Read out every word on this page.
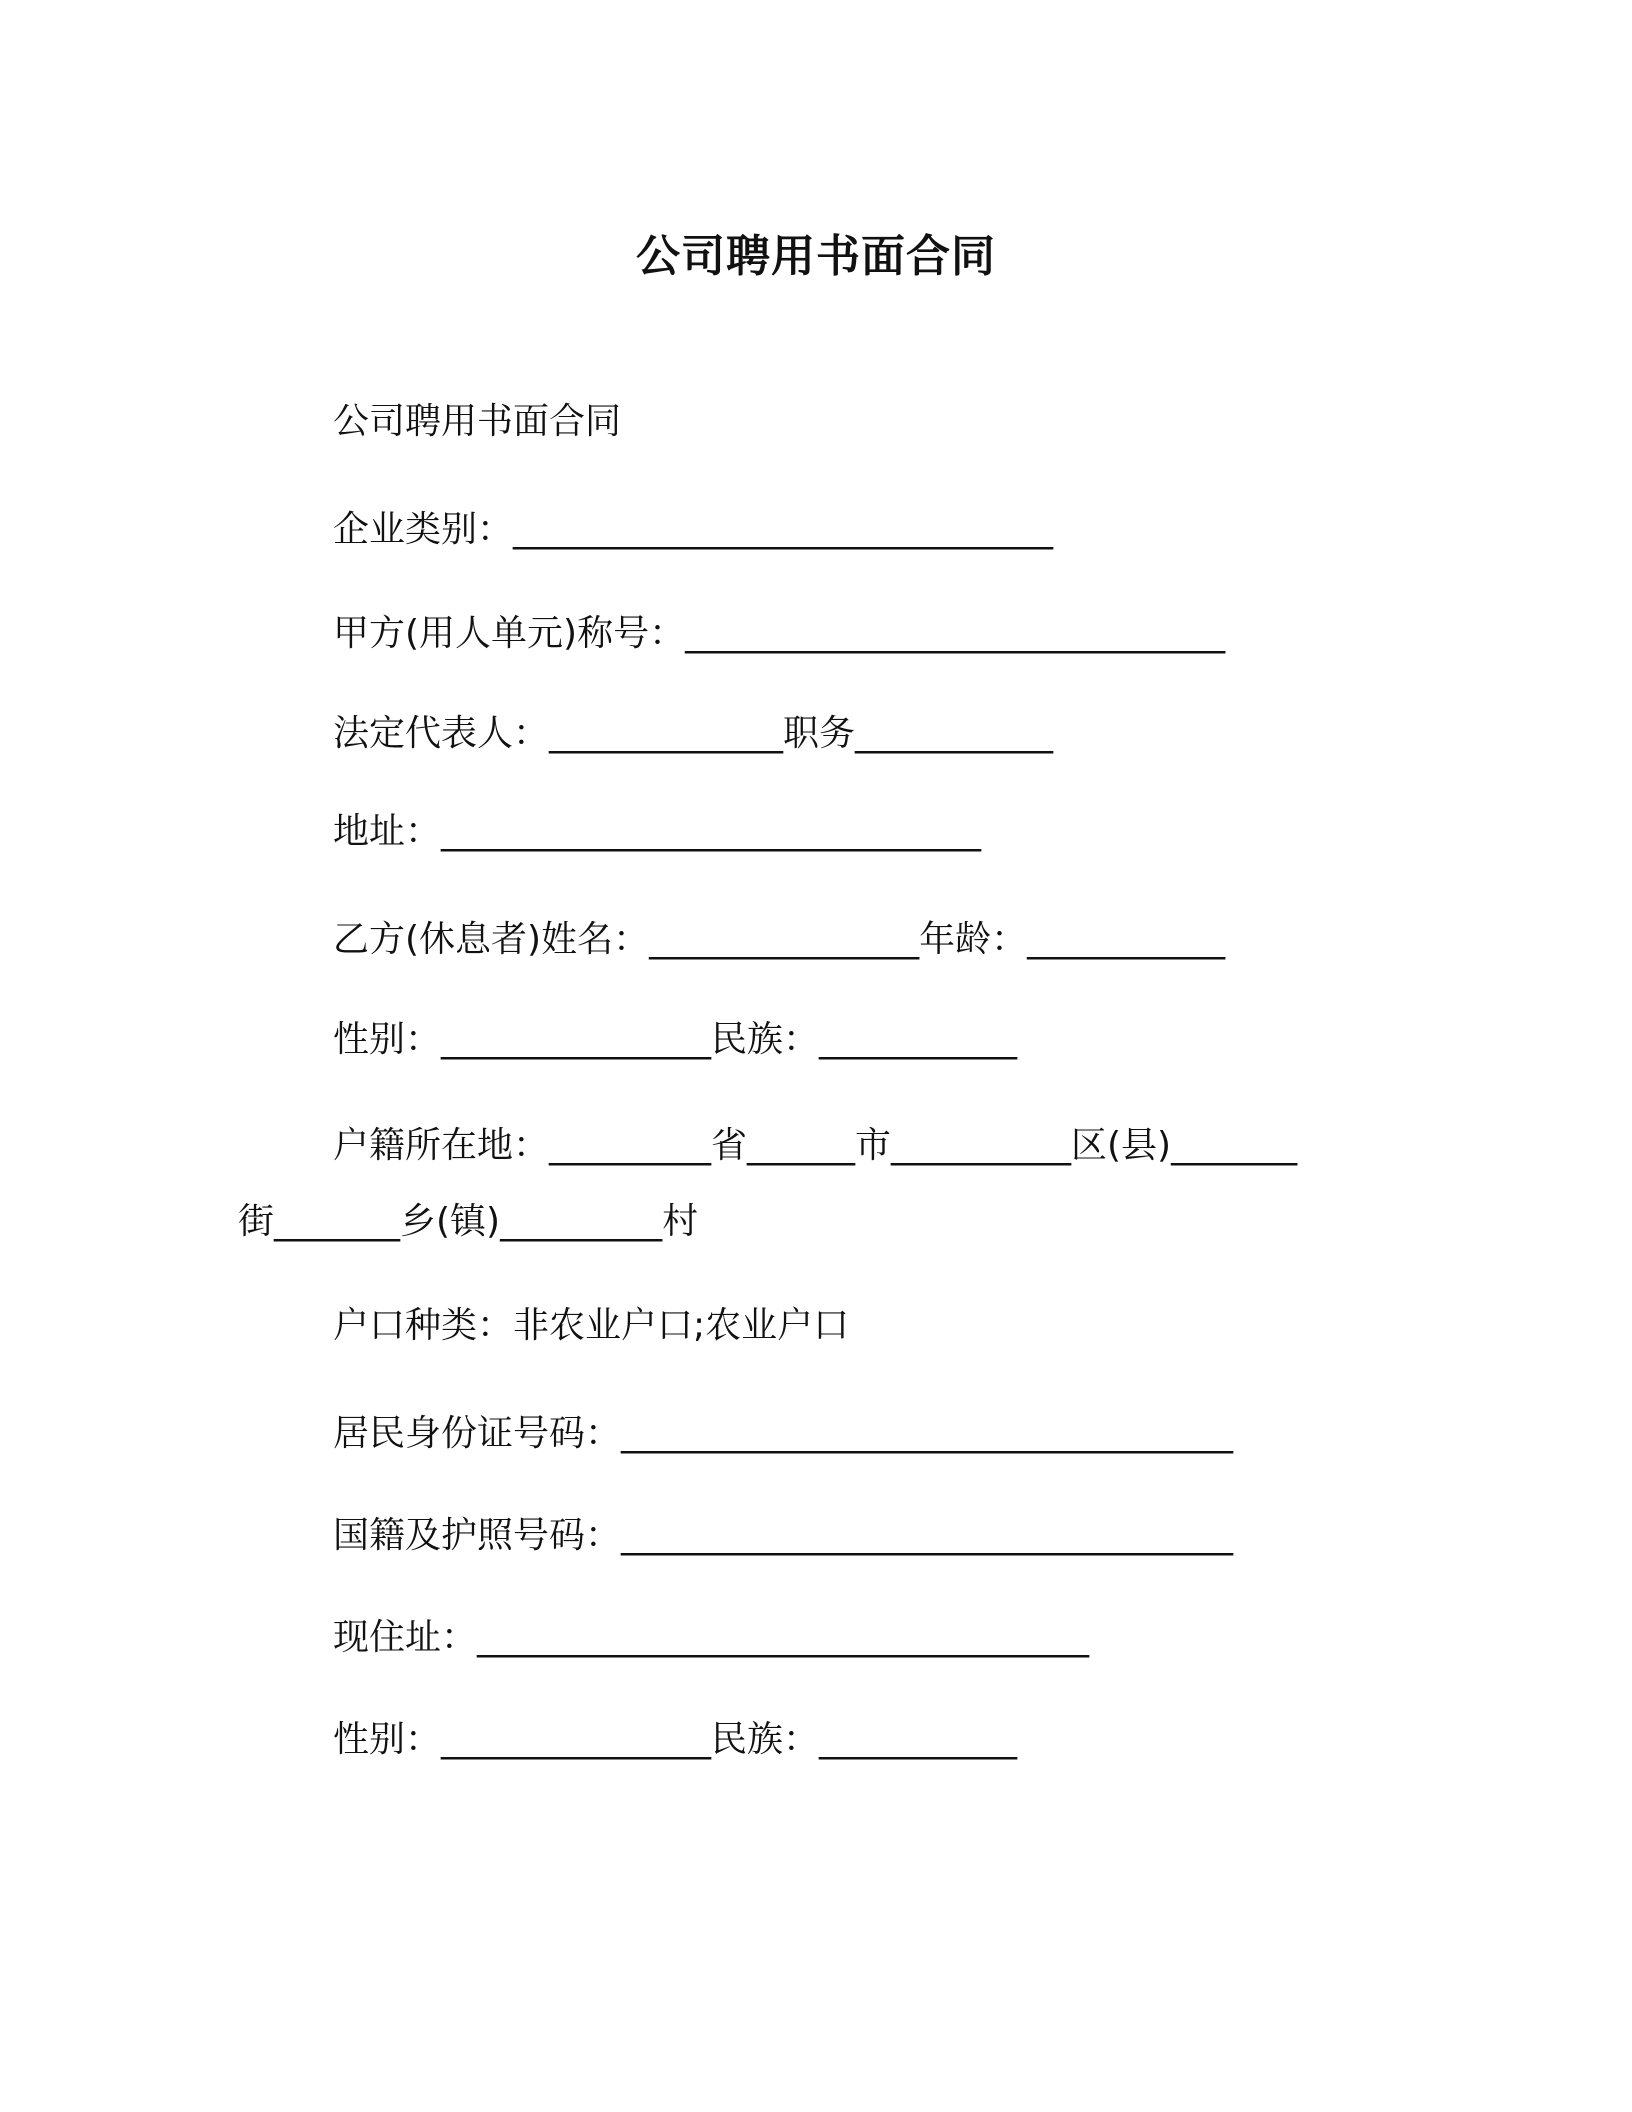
公司聘用书面合同
公司聘用书面合同
企业类别：______________________________
甲方(用人单元)称号：______________________________
法定代表人：_____________职务___________
地址：______________________________
乙方(休息者)姓名：_______________年龄：___________
性别：_______________民族：___________
户籍所在地：_________省______市__________区(县)_______
街_______乡(镇)_________村
户口种类：非农业户口;农业户口
居民身份证号码：__________________________________
国籍及护照号码：__________________________________
现住址：__________________________________
性别：_______________民族：___________
